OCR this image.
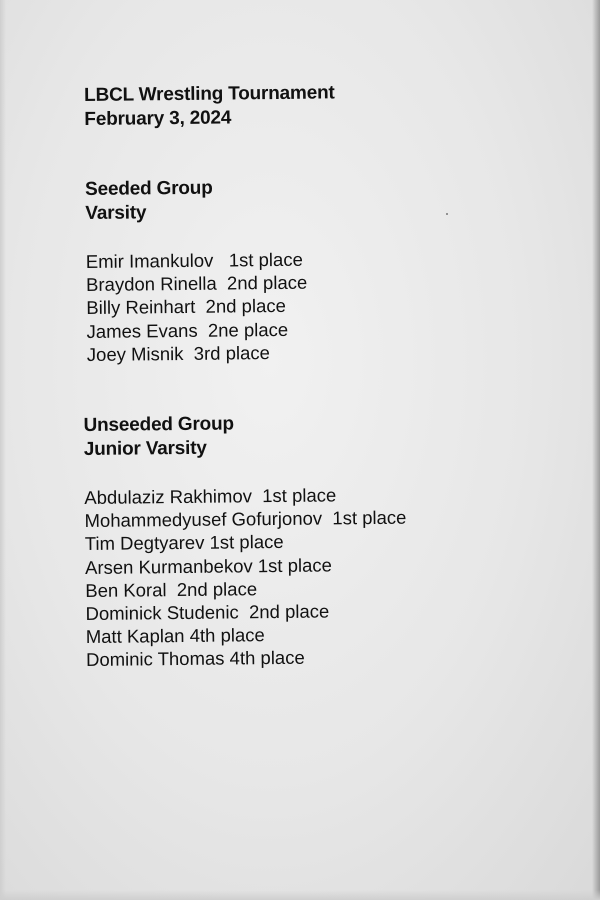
LBCL Wrestling Tournament

February 3, 2024

Seeded Group

Varsity

Emir Imankulov   1st place
Braydon Rinella  2nd place
Billy Reinhart  2nd place
James Evans  2ne place
Joey Misnik  3rd place

Unseeded Group

Junior Varsity

Abdulaziz Rakhimov  1st place
Mohammedyusef Gofurjonov  1st place
Tim Degtyarev 1st place
Arsen Kurmanbekov 1st place
Ben Koral  2nd place
Dominick Studenic  2nd place
Matt Kaplan 4th place
Dominic Thomas 4th place
